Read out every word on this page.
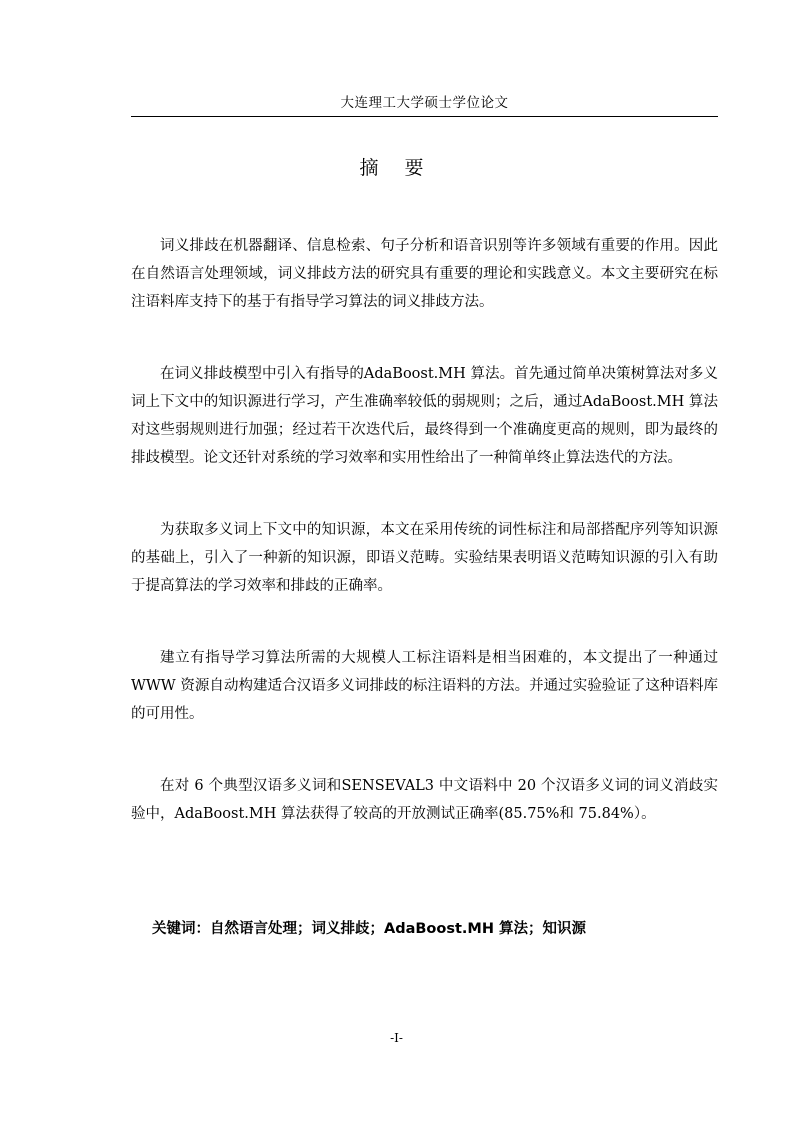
大连理工大学硕士学位论文
摘 要

词义排歧在机器翻译、信息检索、句子分析和语音识别等许多领域有重要的作用。因此在自然语言处理领域，词义排歧方法的研究具有重要的理论和实践意义。本文主要研究在标注语料库支持下的基于有指导学习算法的词义排歧方法。

在词义排歧模型中引入有指导的AdaBoost.MH 算法。首先通过简单决策树算法对多义词上下文中的知识源进行学习，产生准确率较低的弱规则；之后，通过AdaBoost.MH 算法对这些弱规则进行加强；经过若干次迭代后，最终得到一个准确度更高的规则，即为最终的排歧模型。论文还针对系统的学习效率和实用性给出了一种简单终止算法迭代的方法。

为获取多义词上下文中的知识源，本文在采用传统的词性标注和局部搭配序列等知识源的基础上，引入了一种新的知识源，即语义范畴。实验结果表明语义范畴知识源的引入有助于提高算法的学习效率和排歧的正确率。

建立有指导学习算法所需的大规模人工标注语料是相当困难的，本文提出了一种通过WWW 资源自动构建适合汉语多义词排歧的标注语料的方法。并通过实验验证了这种语料库的可用性。

在对 6 个典型汉语多义词和SENSEVAL3 中文语料中 20 个汉语多义词的词义消歧实验中，AdaBoost.MH 算法获得了较高的开放测试正确率(85.75%和 75.84%）。

关键词：自然语言处理；词义排歧；AdaBoost.MH 算法；知识源
-I-
